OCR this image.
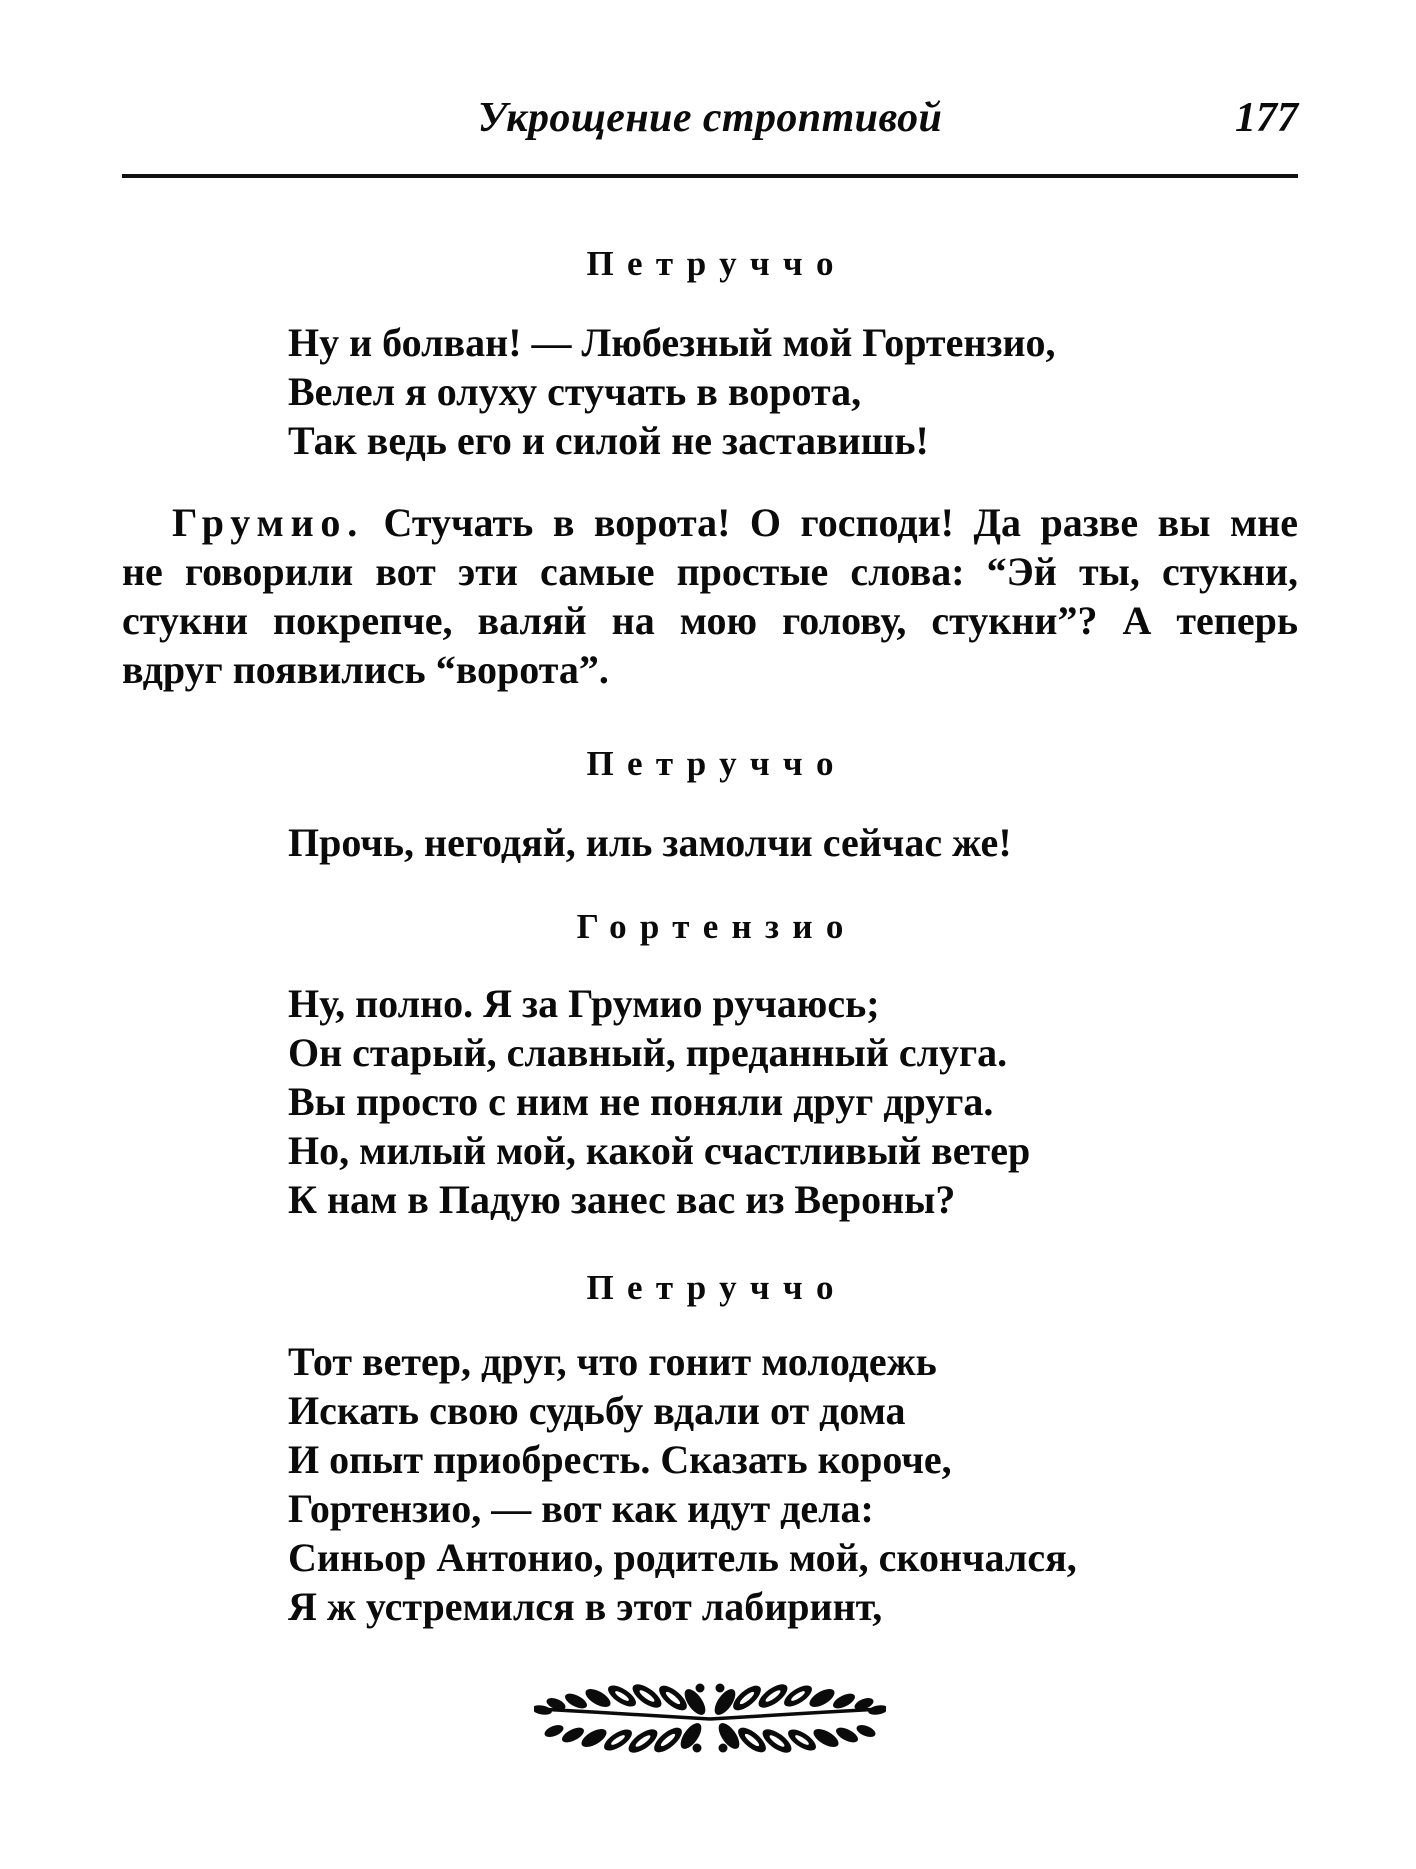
Укрощение строптивой	177
Петруччо
Ну и болван! — Любезный мой Гортензио,
Велел я олуху стучать в ворота,
Так ведь его и силой не заставишь!
Грумио. Стучать в ворота! О господи! Да разве вы мне
не говорили вот эти самые простые слова: “Эй ты, стукни,
стукни покрепче, валяй на мою голову, стукни”? А теперь
вдруг появились “ворота”.
Петруччо
Прочь, негодяй, иль замолчи сейчас же!
Гортензио
Ну, полно. Я за Грумио ручаюсь;
Он старый, славный, преданный слуга.
Вы просто с ним не поняли друг друга.
Но, милый мой, какой счастливый ветер
К нам в Падую занес вас из Вероны?
Петруччо
Тот ветер, друг, что гонит молодежь
Искать свою судьбу вдали от дома
И опыт приобресть. Сказать короче,
Гортензио, — вот как идут дела:
Синьор Антонио, родитель мой, скончался,
Я ж устремился в этот лабиринт,
